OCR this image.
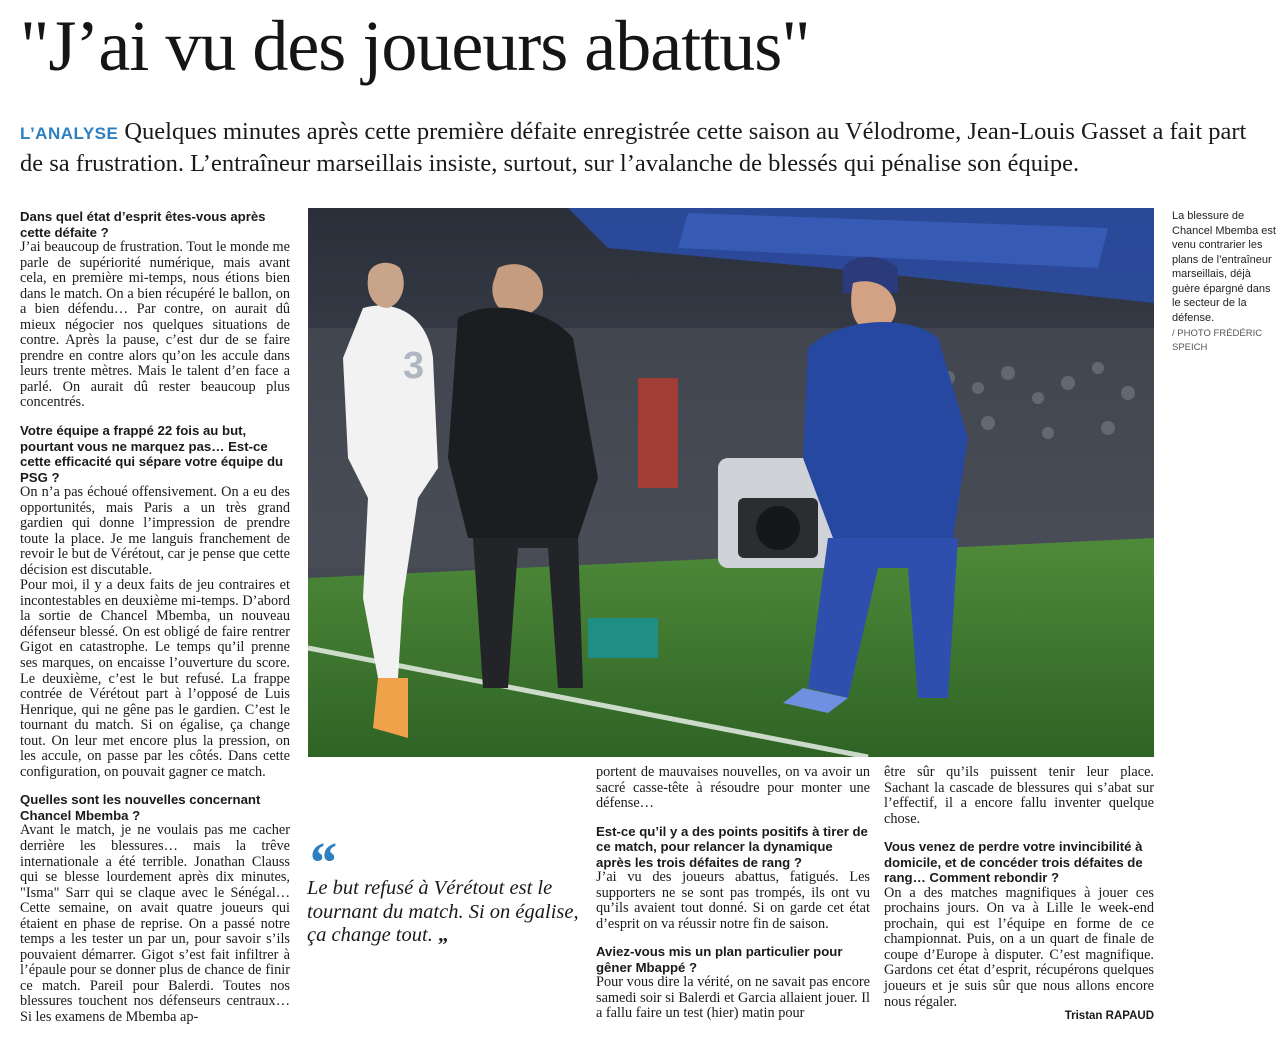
"J’ai vu des joueurs abattus"
L’ANALYSE Quelques minutes après cette première défaite enregistrée cette saison au Vélodrome, Jean-Louis Gasset a fait part de sa frustration. L’entraîneur marseillais insiste, surtout, sur l’avalanche de blessés qui pénalise son équipe.

Dans quel état d’esprit êtes-vous après cette défaite ?

J’ai beaucoup de frustration. Tout le monde me parle de supériorité numérique, mais avant cela, en première mi-temps, nous étions bien dans le match. On a bien récupéré le ballon, on a bien défendu… Par contre, on aurait dû mieux négocier nos quelques situations de contre. Après la pause, c’est dur de se faire prendre en contre alors qu’on les accule dans leurs trente mètres. Mais le talent d’en face a parlé. On aurait dû rester beaucoup plus concentrés.

Votre équipe a frappé 22 fois au but, pourtant vous ne marquez pas… Est-ce cette efficacité qui sépare votre équipe du PSG ?

On n’a pas échoué offensivement. On a eu des opportunités, mais Paris a un très grand gardien qui donne l’impression de prendre toute la place. Je me languis franchement de revoir le but de Vérétout, car je pense que cette décision est discutable.

Pour moi, il y a deux faits de jeu contraires et incontestables en deuxième mi-temps. D’abord la sortie de Chancel Mbemba, un nouveau défenseur blessé. On est obligé de faire rentrer Gigot en catastrophe. Le temps qu’il prenne ses marques, on encaisse l’ouverture du score. Le deuxième, c’est le but refusé. La frappe contrée de Vérétout part à l’opposé de Luis Henrique, qui ne gêne pas le gardien. C’est le tournant du match. Si on égalise, ça change tout. On leur met encore plus la pression, on les accule, on passe par les côtés. Dans cette configuration, on pouvait gagner ce match.

Quelles sont les nouvelles concernant Chancel Mbemba ?

Avant le match, je ne voulais pas me cacher derrière les blessures… mais la trêve internationale a été terrible. Jonathan Clauss qui se blesse lourdement après dix minutes, "Isma" Sarr qui se claque avec le Sénégal… Cette semaine, on avait quatre joueurs qui étaient en phase de reprise. On a passé notre temps a les tester un par un, pour savoir s’ils pouvaient démarrer. Gigot s’est fait infiltrer à l’épaule pour se donner plus de chance de finir ce match. Pareil pour Balerdi. Toutes nos blessures touchent nos défenseurs centraux… Si les examens de Mbemba ap-

3
La blessure de Chancel Mbemba est venu contrarier les plans de l’entraîneur marseillais, déjà guère épargné dans le secteur de la défense.
/ PHOTO FRÉDÉRIC SPEICH
“
Le but refusé à Vérétout est le tournant du match. Si on égalise, ça change tout. „

portent de mauvaises nouvelles, on va avoir un sacré casse-tête à résoudre pour monter une défense…

Est-ce qu’il y a des points positifs à tirer de ce match, pour relancer la dynamique après les trois défaites de rang ?

J’ai vu des joueurs abattus, fatigués. Les supporters ne se sont pas trompés, ils ont vu qu’ils avaient tout donné. Si on garde cet état d’esprit on va réussir notre fin de saison.

Aviez-vous mis un plan particulier pour gêner Mbappé ?

Pour vous dire la vérité, on ne savait pas encore samedi soir si Balerdi et Garcia allaient jouer. Il a fallu faire un test (hier) matin pour

être sûr qu’ils puissent tenir leur place. Sachant la cascade de blessures qui s’abat sur l’effectif, il a encore fallu inventer quelque chose.

Vous venez de perdre votre invincibilité à domicile, et de concéder trois défaites de rang… Comment rebondir ?

On a des matches magnifiques à jouer ces prochains jours. On va à Lille le week-end prochain, qui est l’équipe en forme de ce championnat. Puis, on a un quart de finale de coupe d’Europe à disputer. C’est magnifique. Gardons cet état d’esprit, récupérons quelques joueurs et je suis sûr que nous allons encore nous régaler.

Tristan RAPAUD
